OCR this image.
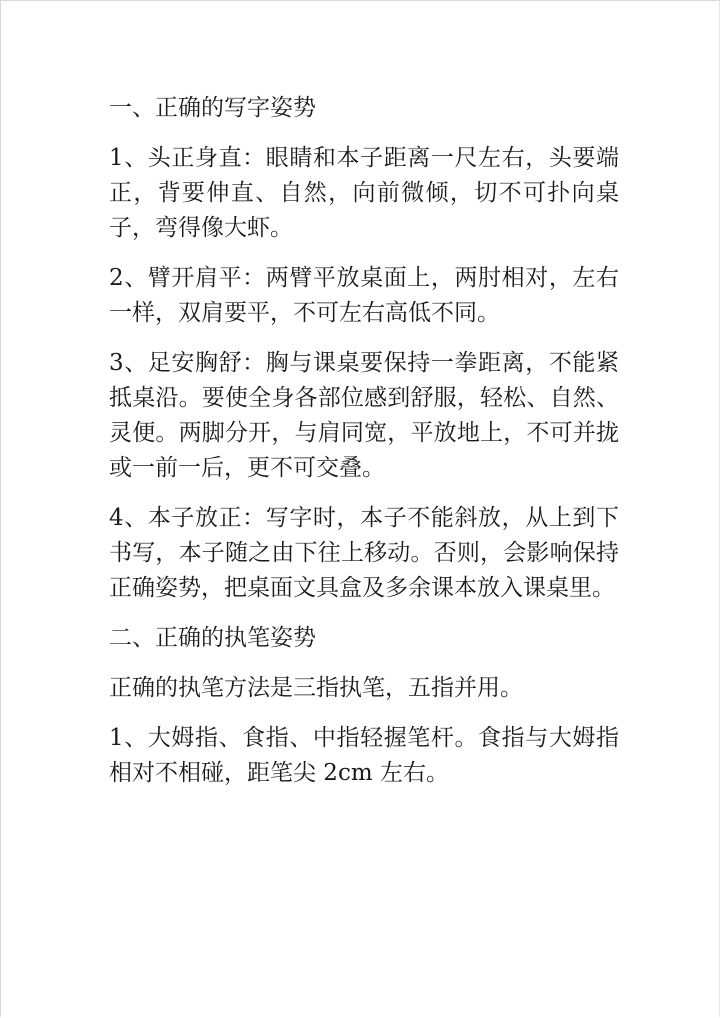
一、正确的写字姿势

1、头正身直：眼睛和本子距离一尺左右，头要端正，背要伸直、自然，向前微倾，切不可扑向桌子，弯得像大虾。

2、臂开肩平：两臂平放桌面上，两肘相对，左右一样，双肩要平，不可左右高低不同。

3、足安胸舒：胸与课桌要保持一拳距离，不能紧抵桌沿。要使全身各部位感到舒服，轻松、自然、灵便。两脚分开，与肩同宽，平放地上，不可并拢或一前一后，更不可交叠。

4、本子放正：写字时，本子不能斜放，从上到下书写，本子随之由下往上移动。否则，会影响保持正确姿势，把桌面文具盒及多余课本放入课桌里。

二、正确的执笔姿势

正确的执笔方法是三指执笔，五指并用。

1、大姆指、食指、中指轻握笔杆。食指与大姆指相对不相碰，距笔尖 2cm 左右。
